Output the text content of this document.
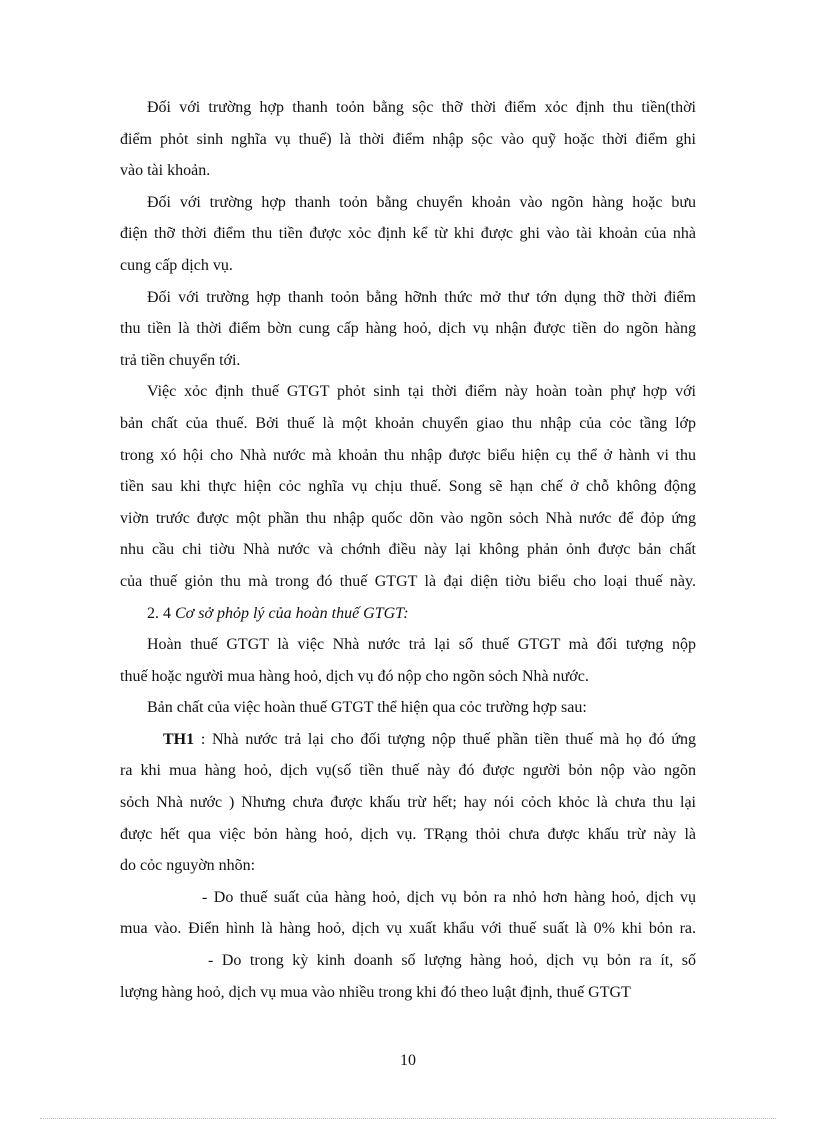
Đối với trường hợp thanh toỏn bằng sộc thỡ thời điểm xỏc định thu tiền(thời
điểm phỏt sinh nghĩa vụ thuế) là thời điểm nhập sộc vào quỹ hoặc thời điểm ghi
vào tài khoản.
Đối với trường hợp thanh toỏn bằng chuyển khoản vào ngõn hàng hoặc bưu
điện thỡ thời điểm thu tiền được xỏc định kể từ khi được ghi vào tài khoản của nhà
cung cấp dịch vụ.
Đối với trường hợp thanh toỏn bằng hỡnh thức mở thư tớn dụng thỡ thời điểm
thu tiền là thời điểm bờn cung cấp hàng hoỏ, dịch vụ nhận được tiền do ngõn hàng
trả tiền chuyển tới.
Việc xỏc định thuế GTGT phỏt sinh tại thời điểm này hoàn toàn phự hợp với
bản chất của thuế. Bởi thuế là một khoản chuyển giao thu nhập của cỏc tầng lớp
trong xó hội cho Nhà nước mà khoản thu nhập được biểu hiện cụ thể ở hành vi thu
tiền sau khi thực hiện cỏc nghĩa vụ chịu thuế. Song sẽ hạn chế ở chỗ không động
viờn trước được một phần thu nhập quốc dõn vào ngõn sỏch Nhà nước để đỏp ứng
nhu cầu chi tiờu Nhà nước và chớnh điều này lại không phản ỏnh được bản chất
của thuế giỏn thu mà trong đó thuế GTGT là đại diện tiờu biểu cho loại thuế này.
2. 4 Cơ sở phỏp lý của hoàn thuế GTGT:
Hoàn thuế GTGT là việc Nhà nước trả lại số thuế GTGT mà đối tượng nộp
thuế hoặc người mua hàng hoỏ, dịch vụ đó nộp cho ngõn sỏch Nhà nước.
Bản chất của việc hoàn thuế GTGT thể hiện qua cỏc trường hợp sau:
TH1 : Nhà nước trả lại cho đối tượng nộp thuế phần tiền thuế mà họ đó ứng
ra khi mua hàng hoỏ, dịch vụ(số tiền thuế này đó được người bỏn nộp vào ngõn
sỏch Nhà nước ) Nhưng chưa được khấu trừ hết; hay nói cỏch khỏc là chưa thu lại
được hết qua việc bỏn hàng hoỏ, dịch vụ. TRạng thỏi chưa được khấu trừ này là
do cỏc nguyờn nhõn:
- Do thuế suất của hàng hoỏ, dịch vụ bỏn ra nhỏ hơn hàng hoỏ, dịch vụ
mua vào. Điển hình là hàng hoỏ, dịch vụ xuất khẩu với thuế suất là 0% khi bỏn ra.
- Do trong kỳ kinh doanh số lượng hàng hoỏ, dịch vụ bỏn ra ít, số
lượng hàng hoỏ, dịch vụ mua vào nhiều trong khi đó theo luật định, thuế GTGT
10
